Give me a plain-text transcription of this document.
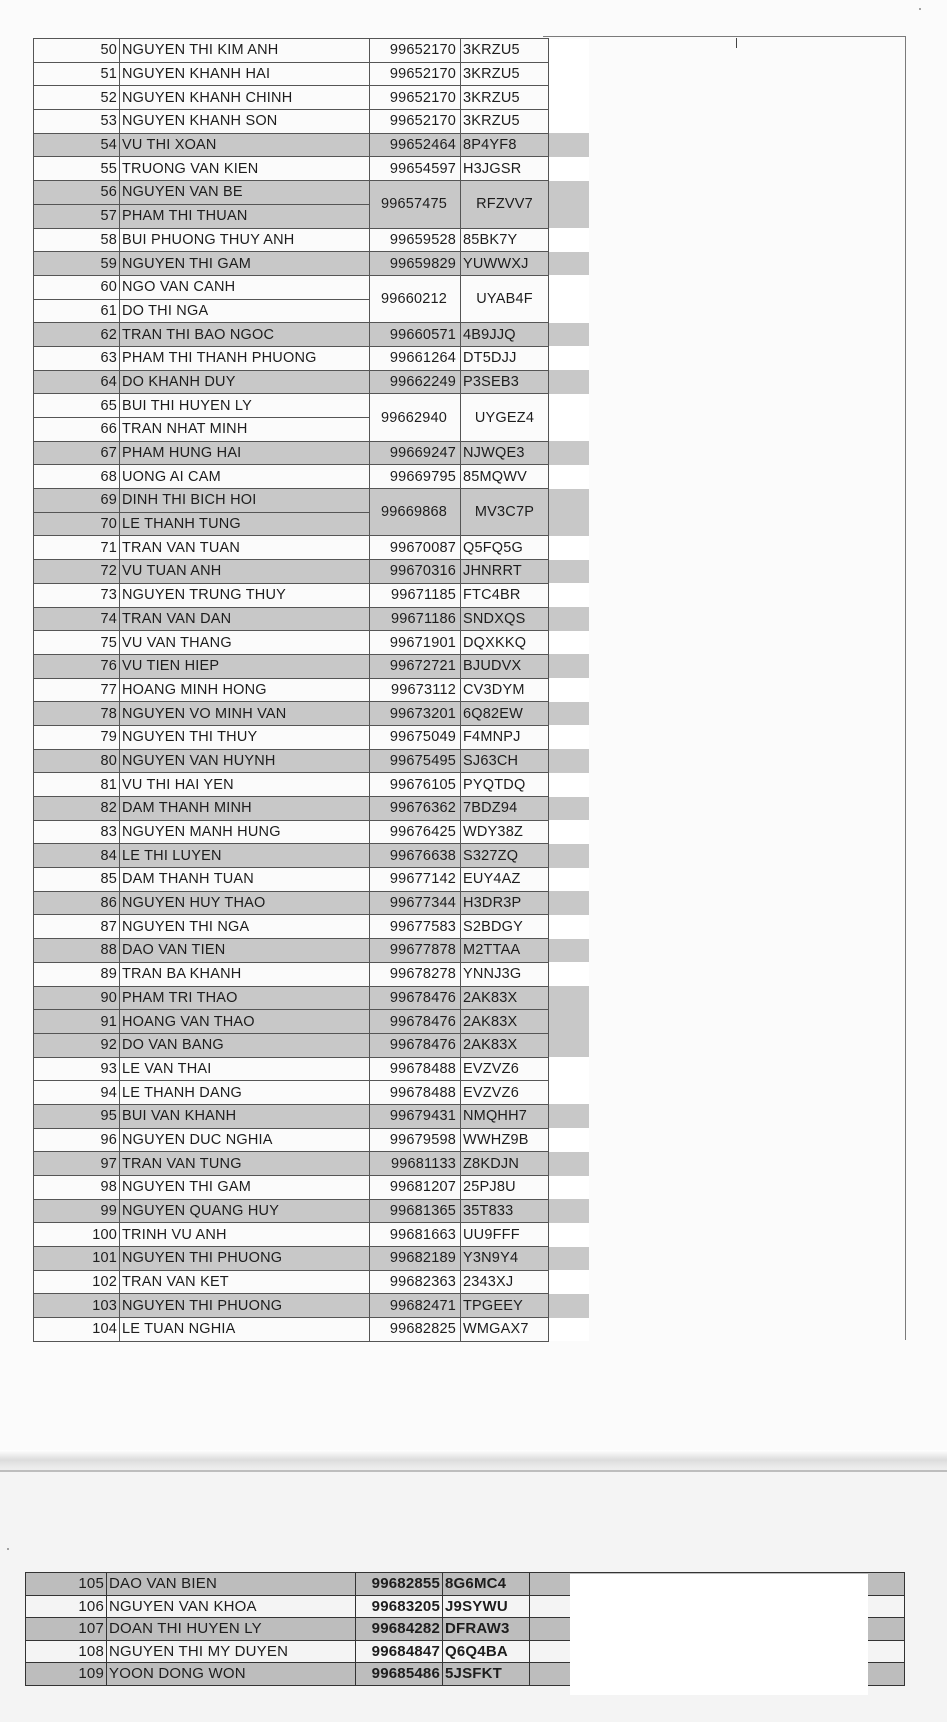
50	NGUYEN THI KIM ANH	99652170	3KRZU5	
51	NGUYEN KHANH HAI	99652170	3KRZU5	
52	NGUYEN KHANH CHINH	99652170	3KRZU5	
53	NGUYEN KHANH SON	99652170	3KRZU5	
54	VU THI XOAN	99652464	8P4YF8	
55	TRUONG VAN KIEN	99654597	H3JGSR	
56	NGUYEN VAN BE	99657475	RFZVV7	
57	PHAM THI THUAN			
58	BUI PHUONG THUY ANH	99659528	85BK7Y	
59	NGUYEN THI GAM	99659829	YUWWXJ	
60	NGO VAN CANH	99660212	UYAB4F	
61	DO THI NGA			
62	TRAN THI BAO NGOC	99660571	4B9JJQ	
63	PHAM THI THANH PHUONG	99661264	DT5DJJ	
64	DO KHANH DUY	99662249	P3SEB3	
65	BUI THI HUYEN LY	99662940	UYGEZ4	
66	TRAN NHAT MINH			
67	PHAM HUNG HAI	99669247	NJWQE3	
68	UONG AI CAM	99669795	85MQWV	
69	DINH THI BICH HOI	99669868	MV3C7P	
70	LE THANH TUNG			
71	TRAN VAN TUAN	99670087	Q5FQ5G	
72	VU TUAN ANH	99670316	JHNRRT	
73	NGUYEN TRUNG THUY	99671185	FTC4BR	
74	TRAN VAN DAN	99671186	SNDXQS	
75	VU VAN THANG	99671901	DQXKKQ	
76	VU TIEN HIEP	99672721	BJUDVX	
77	HOANG MINH HONG	99673112	CV3DYM	
78	NGUYEN VO MINH VAN	99673201	6Q82EW	
79	NGUYEN THI THUY	99675049	F4MNPJ	
80	NGUYEN VAN HUYNH	99675495	SJ63CH	
81	VU THI HAI YEN	99676105	PYQTDQ	
82	DAM THANH MINH	99676362	7BDZ94	
83	NGUYEN MANH HUNG	99676425	WDY38Z	
84	LE THI LUYEN	99676638	S327ZQ	
85	DAM THANH TUAN	99677142	EUY4AZ	
86	NGUYEN HUY THAO	99677344	H3DR3P	
87	NGUYEN THI NGA	99677583	S2BDGY	
88	DAO VAN TIEN	99677878	M2TTAA	
89	TRAN BA KHANH	99678278	YNNJ3G	
90	PHAM TRI THAO	99678476	2AK83X	
91	HOANG VAN THAO	99678476	2AK83X	
92	DO VAN BANG	99678476	2AK83X	
93	LE VAN THAI	99678488	EVZVZ6	
94	LE THANH DANG	99678488	EVZVZ6	
95	BUI VAN KHANH	99679431	NMQHH7	
96	NGUYEN DUC NGHIA	99679598	WWHZ9B	
97	TRAN VAN TUNG	99681133	Z8KDJN	
98	NGUYEN THI GAM	99681207	25PJ8U	
99	NGUYEN QUANG HUY	99681365	35T833	
100	TRINH VU ANH	99681663	UU9FFF	
101	NGUYEN THI PHUONG	99682189	Y3N9Y4	
102	TRAN VAN KET	99682363	2343XJ	
103	NGUYEN THI PHUONG	99682471	TPGEEY	
104	LE TUAN NGHIA	99682825	WMGAX7	
105	DAO VAN BIEN	99682855	8G6MC4	
106	NGUYEN VAN KHOA	99683205	J9SYWU	
107	DOAN THI HUYEN LY	99684282	DFRAW3	
108	NGUYEN THI MY DUYEN	99684847	Q6Q4BA	
109	YOON DONG WON	99685486	5JSFKT	
